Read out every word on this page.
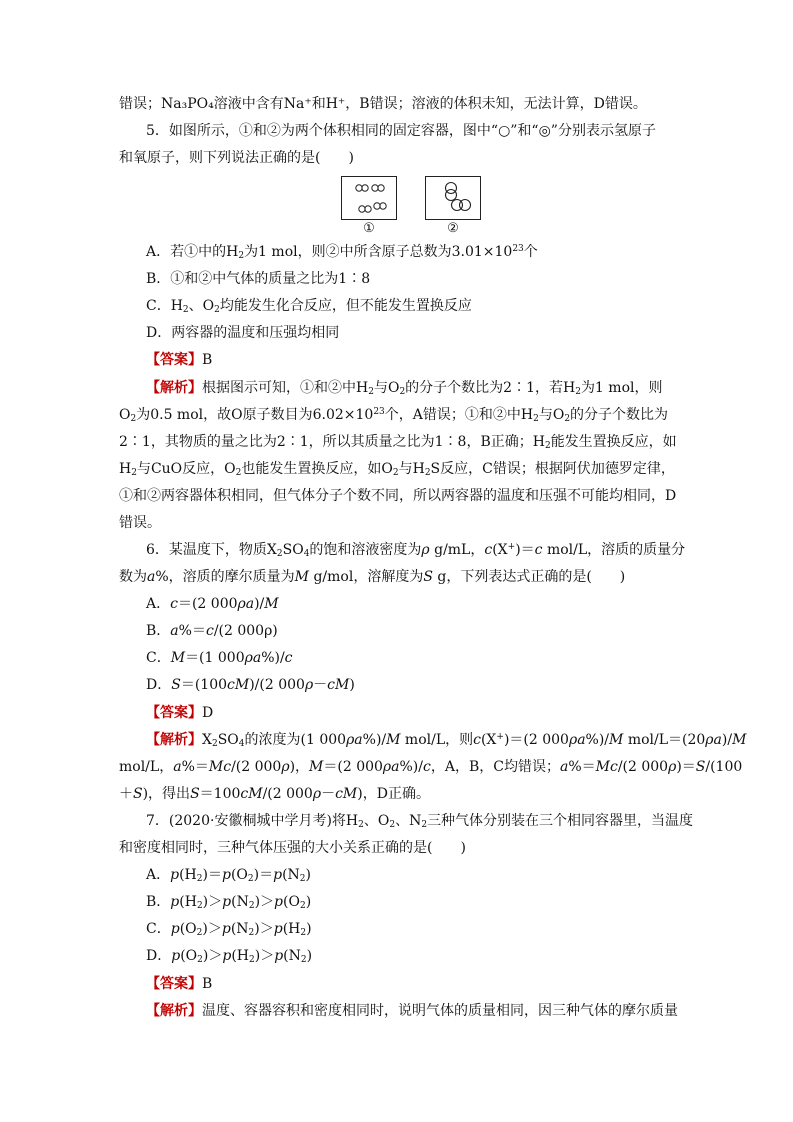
错误；Na₃PO₄溶液中含有Na⁺和H⁺，B错误；溶液的体积未知，无法计算，D错误。
5．如图所示，①和②为两个体积相同的固定容器，图中“○”和“◎”分别表示氢原子
和氧原子，则下列说法正确的是(　　)
①	②
A．若①中的$H_2$为1 mol，则②中所含原子总数为$3.01\times 10^{23}$个
B．①和②中气体的质量之比为1∶8
C．$H_2$、$O_2$均能发生化合反应，但不能发生置换反应
D．两容器的温度和压强均相同
【答案】B
【解析】根据图示可知，①和②中$H_2$与$O_2$的分子个数比为2∶1，若$H_2$为1 mol，则
$O_2$为0.5 mol，故O原子数目为$6.02\times 10^{23}$个，A错误；①和②中$H_2$与$O_2$的分子个数比为
2∶1，其物质的量之比为2∶1，所以其质量之比为1∶8，B正确；$H_2$能发生置换反应，如
$H_2$与CuO反应，$O_2$也能发生置换反应，如$O_2$与$H_2S$反应，C错误；根据阿伏加德罗定律，
①和②两容器体积相同，但气体分子个数不同，所以两容器的温度和压强不可能均相同，D
错误。
6．某温度下，物质$X_2SO_4$的饱和溶液密度为ρ g/mL，c(X+)＝c mol/L，溶质的质量分
数为a%，溶质的摩尔质量为M g/mol，溶解度为S g，下列表达式正确的是(　　)
A．c＝(2 000ρa)/M
B．a%＝c/(2 000ρ)
C．M＝(1 000ρa%)/c
D．S＝(100cM)/(2 000ρ－cM)
【答案】D
【解析】$X_2SO_4$的浓度为(1 000ρa%)/M mol/L，则c(X+)＝(2 000ρa%)/M mol/L＝(20ρa)/M
mol/L，a%＝Mc/(2 000ρ)，M＝(2 000ρa%)/c，A，B，C均错误；a%＝Mc/(2 000ρ)＝S/(100
＋S)，得出S＝100cM/(2 000ρ－cM)，D正确。
7．(2020·安徽桐城中学月考)将$H_2$、$O_2$、$N_2$三种气体分别装在三个相同容器里，当温度
和密度相同时，三种气体压强的大小关系正确的是(　　)
A．$p(H_2)=p(O_2)=p(N_2)$
B．$p(H_2)>p(N_2)>p(O_2)$
C．$p(O_2)>p(N_2)>p(H_2)$
D．$p(O_2)>p(H_2)>p(N_2)$
【答案】B
【解析】温度、容器容积和密度相同时，说明气体的质量相同，因三种气体的摩尔质量
